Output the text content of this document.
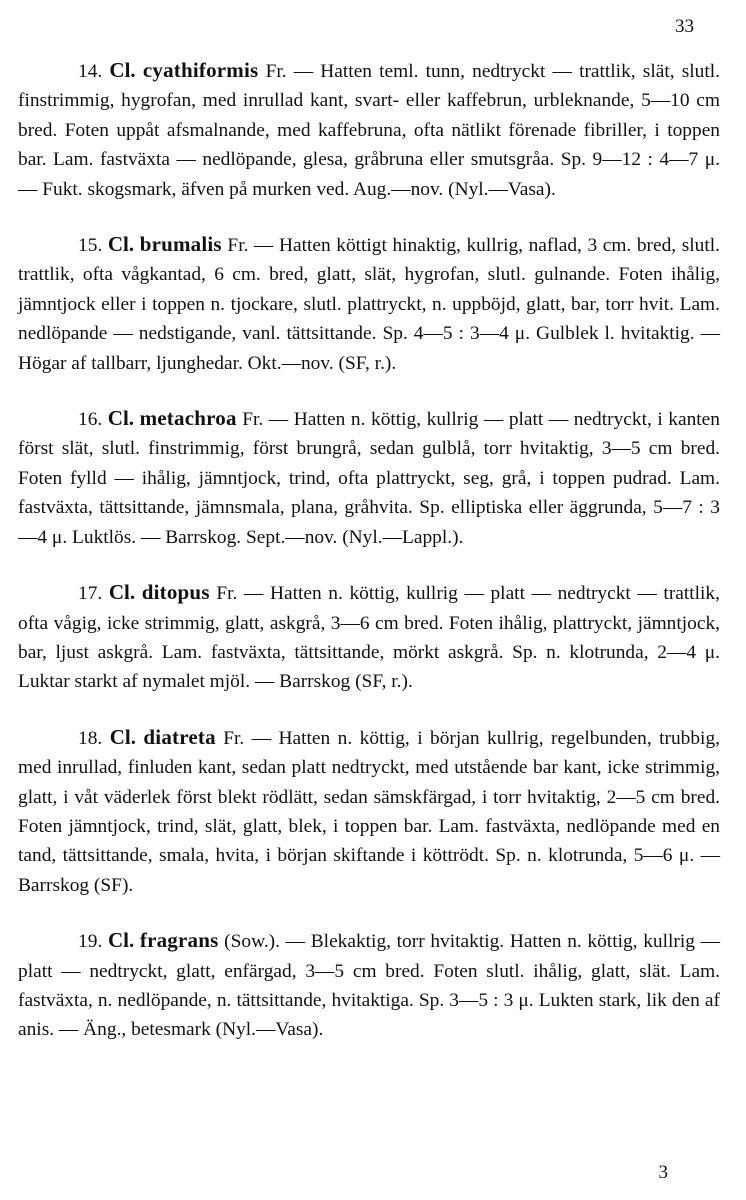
33

14. Cl. cyathiformis Fr. — Hatten teml. tunn, nedtryckt — trattlik, slät, slutl. finstrimmig, hygrofan, med inrullad kant, svart- eller kaffebrun, urbleknande, 5—10 cm bred. Foten uppåt afsmalnande, med kaffebruna, ofta nätlikt förenade fibriller, i toppen bar. Lam. fastväxta — nedlöpande, glesa, gråbruna eller smutsgråa. Sp. 9—12 : 4—7 μ. — Fukt. skogsmark, äfven på murken ved. Aug.—nov. (Nyl.—Vasa).

15. Cl. brumalis Fr. — Hatten köttigt hinaktig, kullrig, naflad, 3 cm. bred, slutl. trattlik, ofta vågkantad, 6 cm. bred, glatt, slät, hygrofan, slutl. gulnande. Foten ihålig, jämntjock eller i toppen n. tjockare, slutl. plattryckt, n. uppböjd, glatt, bar, torr hvit. Lam. nedlöpande — nedstigande, vanl. tättsittande. Sp. 4—5 : 3—4 μ. Gulblek l. hvitaktig. — Högar af tallbarr, ljunghedar. Okt.—nov. (SF, r.).

16. Cl. metachroa Fr. — Hatten n. köttig, kullrig — platt — nedtryckt, i kanten först slät, slutl. finstrimmig, först brungrå, sedan gulblå, torr hvitaktig, 3—5 cm bred. Foten fylld — ihålig, jämntjock, trind, ofta plattryckt, seg, grå, i toppen pudrad. Lam. fastväxta, tättsittande, jämnsmala, plana, gråhvita. Sp. elliptiska eller äggrunda, 5—7 : 3—4 μ. Luktlös. — Barrskog. Sept.—nov. (Nyl.—Lappl.).

17. Cl. ditopus Fr. — Hatten n. köttig, kullrig — platt — nedtryckt — trattlik, ofta vågig, icke strimmig, glatt, askgrå, 3—6 cm bred. Foten ihålig, plattryckt, jämntjock, bar, ljust askgrå. Lam. fastväxta, tättsittande, mörkt askgrå. Sp. n. klotrunda, 2—4 μ. Luktar starkt af nymalet mjöl. — Barrskog (SF, r.).

18. Cl. diatreta Fr. — Hatten n. köttig, i början kullrig, regelbunden, trubbig, med inrullad, finluden kant, sedan platt nedtryckt, med utstående bar kant, icke strimmig, glatt, i våt väderlek först blekt rödlätt, sedan sämskfärgad, i torr hvitaktig, 2—5 cm bred. Foten jämntjock, trind, slät, glatt, blek, i toppen bar. Lam. fastväxta, nedlöpande med en tand, tättsittande, smala, hvita, i början skiftande i köttrödt. Sp. n. klotrunda, 5—6 μ. — Barrskog (SF).

19. Cl. fragrans (Sow.). — Blekaktig, torr hvitaktig. Hatten n. köttig, kullrig — platt — nedtryckt, glatt, enfärgad, 3—5 cm bred. Foten slutl. ihålig, glatt, slät. Lam. fastväxta, n. nedlöpande, n. tättsittande, hvitaktiga. Sp. 3—5 : 3 μ. Lukten stark, lik den af anis. — Äng., betesmark (Nyl.—Vasa).

3
